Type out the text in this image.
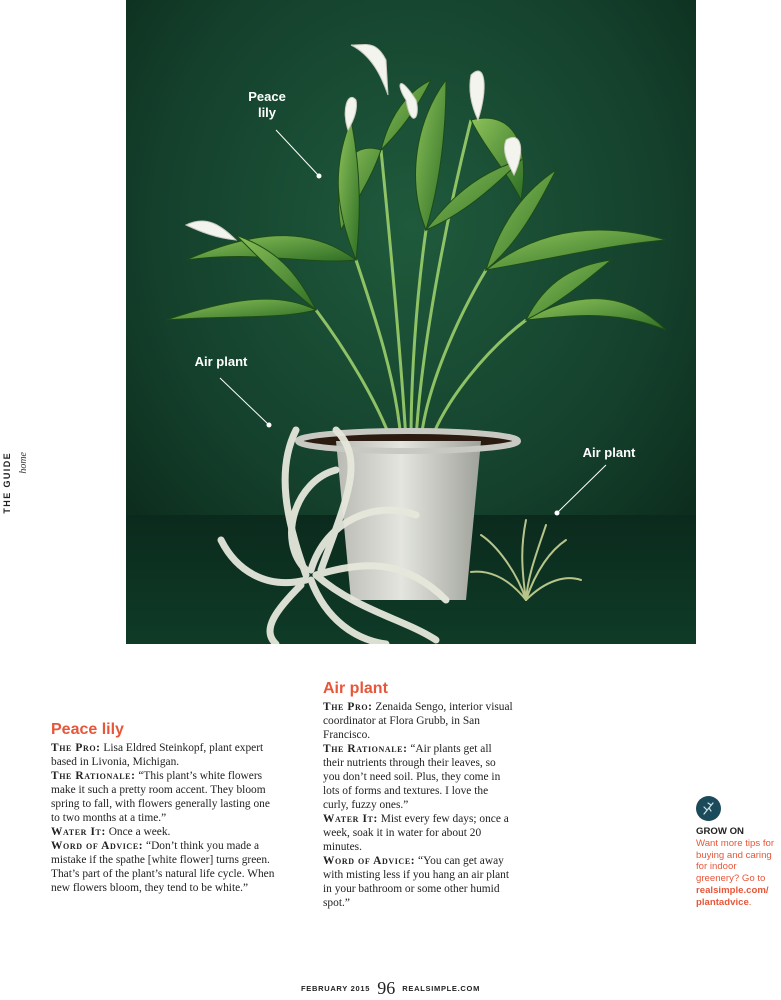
THE GUIDE home
Peace lily
Air plant
Air plant
Peace lily

The Pro: Lisa Eldred Steinkopf, plant expert based in Livonia, Michigan.

The Rationale: “This plant’s white flowers make it such a pretty room accent. They bloom spring to fall, with flowers generally lasting one to two months at a time.”

Water It: Once a week.

Word of Advice: “Don’t think you made a mistake if the spathe [white flower] turns green. That’s part of the plant’s natural life cycle. When new flowers bloom, they tend to be white.”

Air plant

The Pro: Zenaida Sengo, interior visual coordinator at Flora Grubb, in San Francisco.

The Rationale: “Air plants get all their nutrients through their leaves, so you don’t need soil. Plus, they come in lots of forms and textures. I love the curly, fuzzy ones.”

Water It: Mist every few days; once a week, soak it in water for about 20 minutes.

Word of Advice: “You can get away with misting less if you hang an air plant in your bathroom or some other humid spot.”

GROW ON
Want more tips for buying and caring for indoor greenery? Go to realsimple.com/ plantadvice.
FEBRUARY 2015 96 REALSIMPLE.COM
